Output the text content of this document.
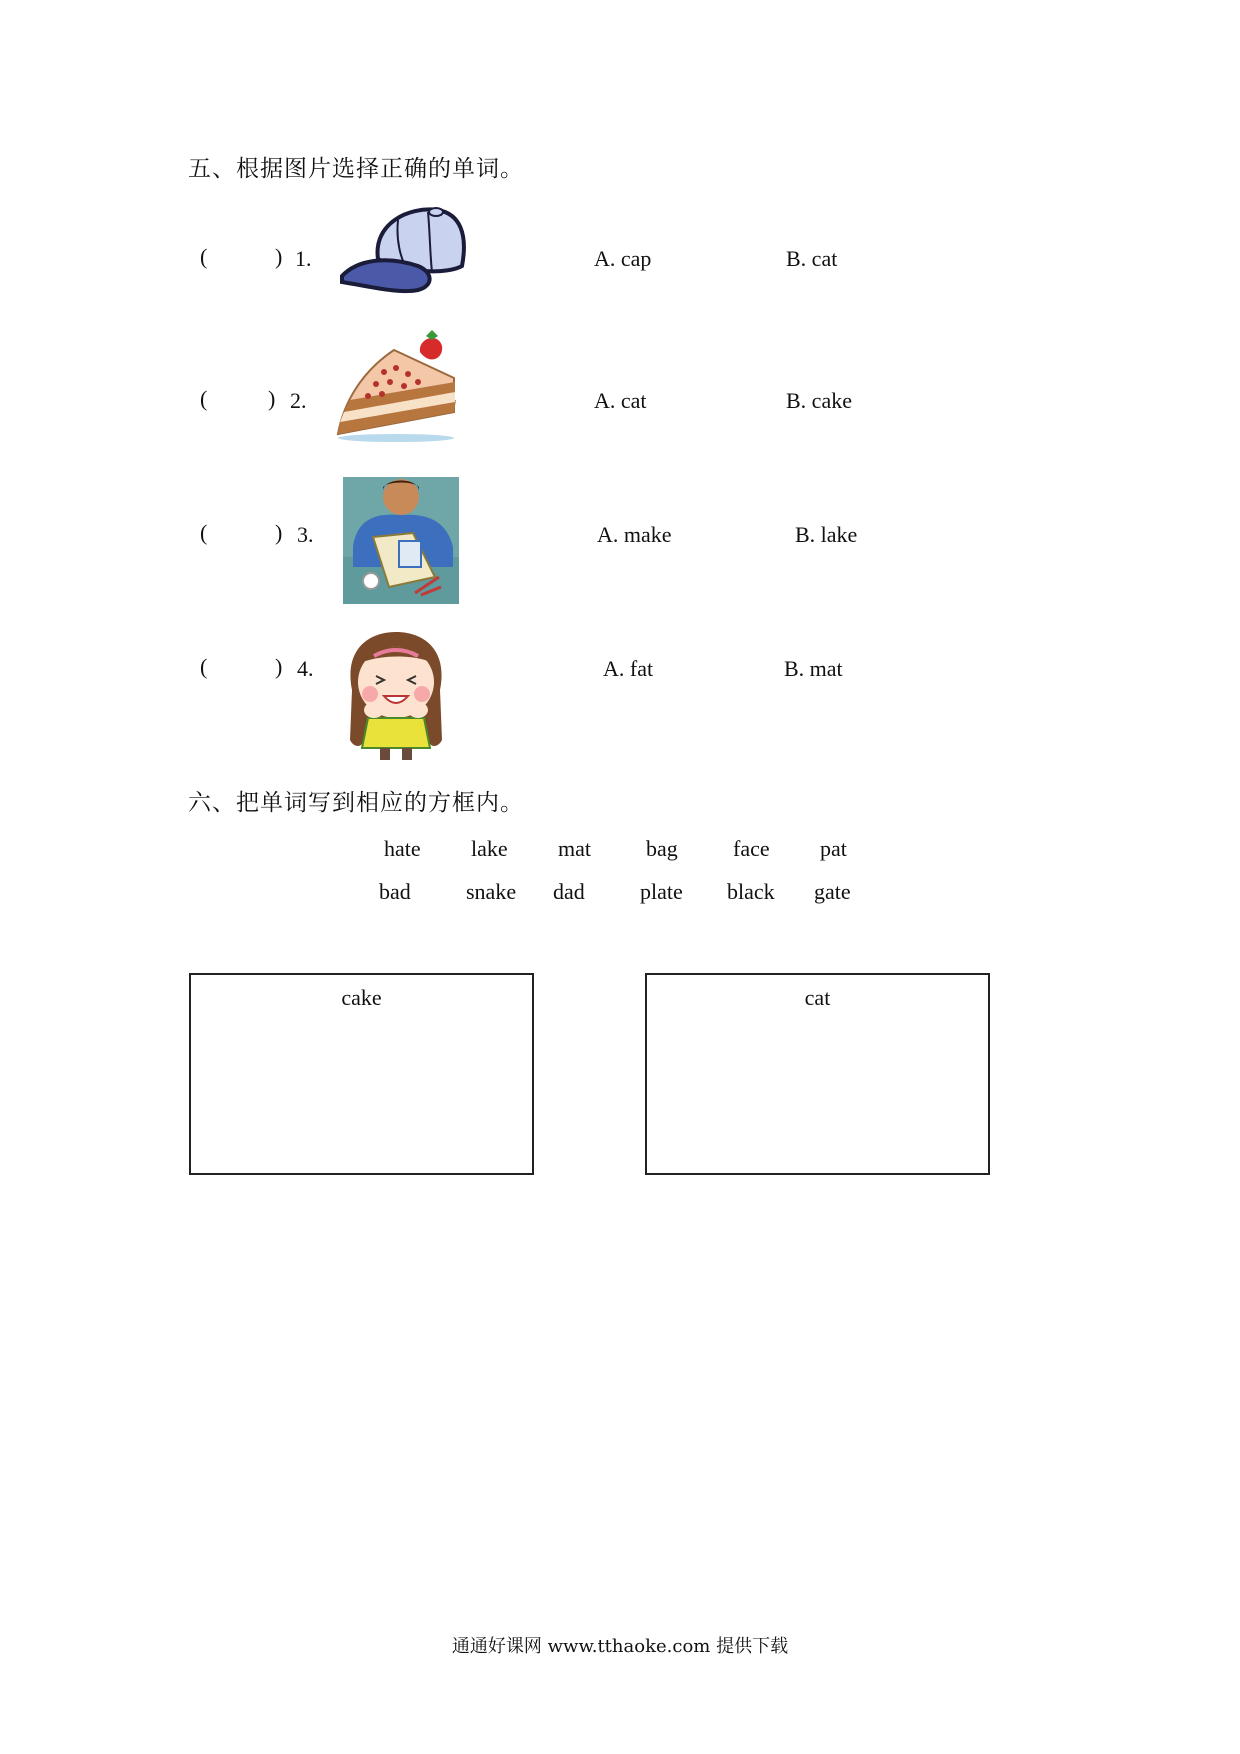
五、根据图片选择正确的单词。
(	) 1.	A. cap	B. cat
(	) 2.	A. cat	B. cake
(	) 3.	A. make	B. lake
(	) 4.	A. fat	B. mat
六、把单词写到相应的方框内。
hate lake mat	bag	face pat
bad	snake dad	plate black gate
cake	cat
通通好课网 www.tthaoke.com 提供下载
